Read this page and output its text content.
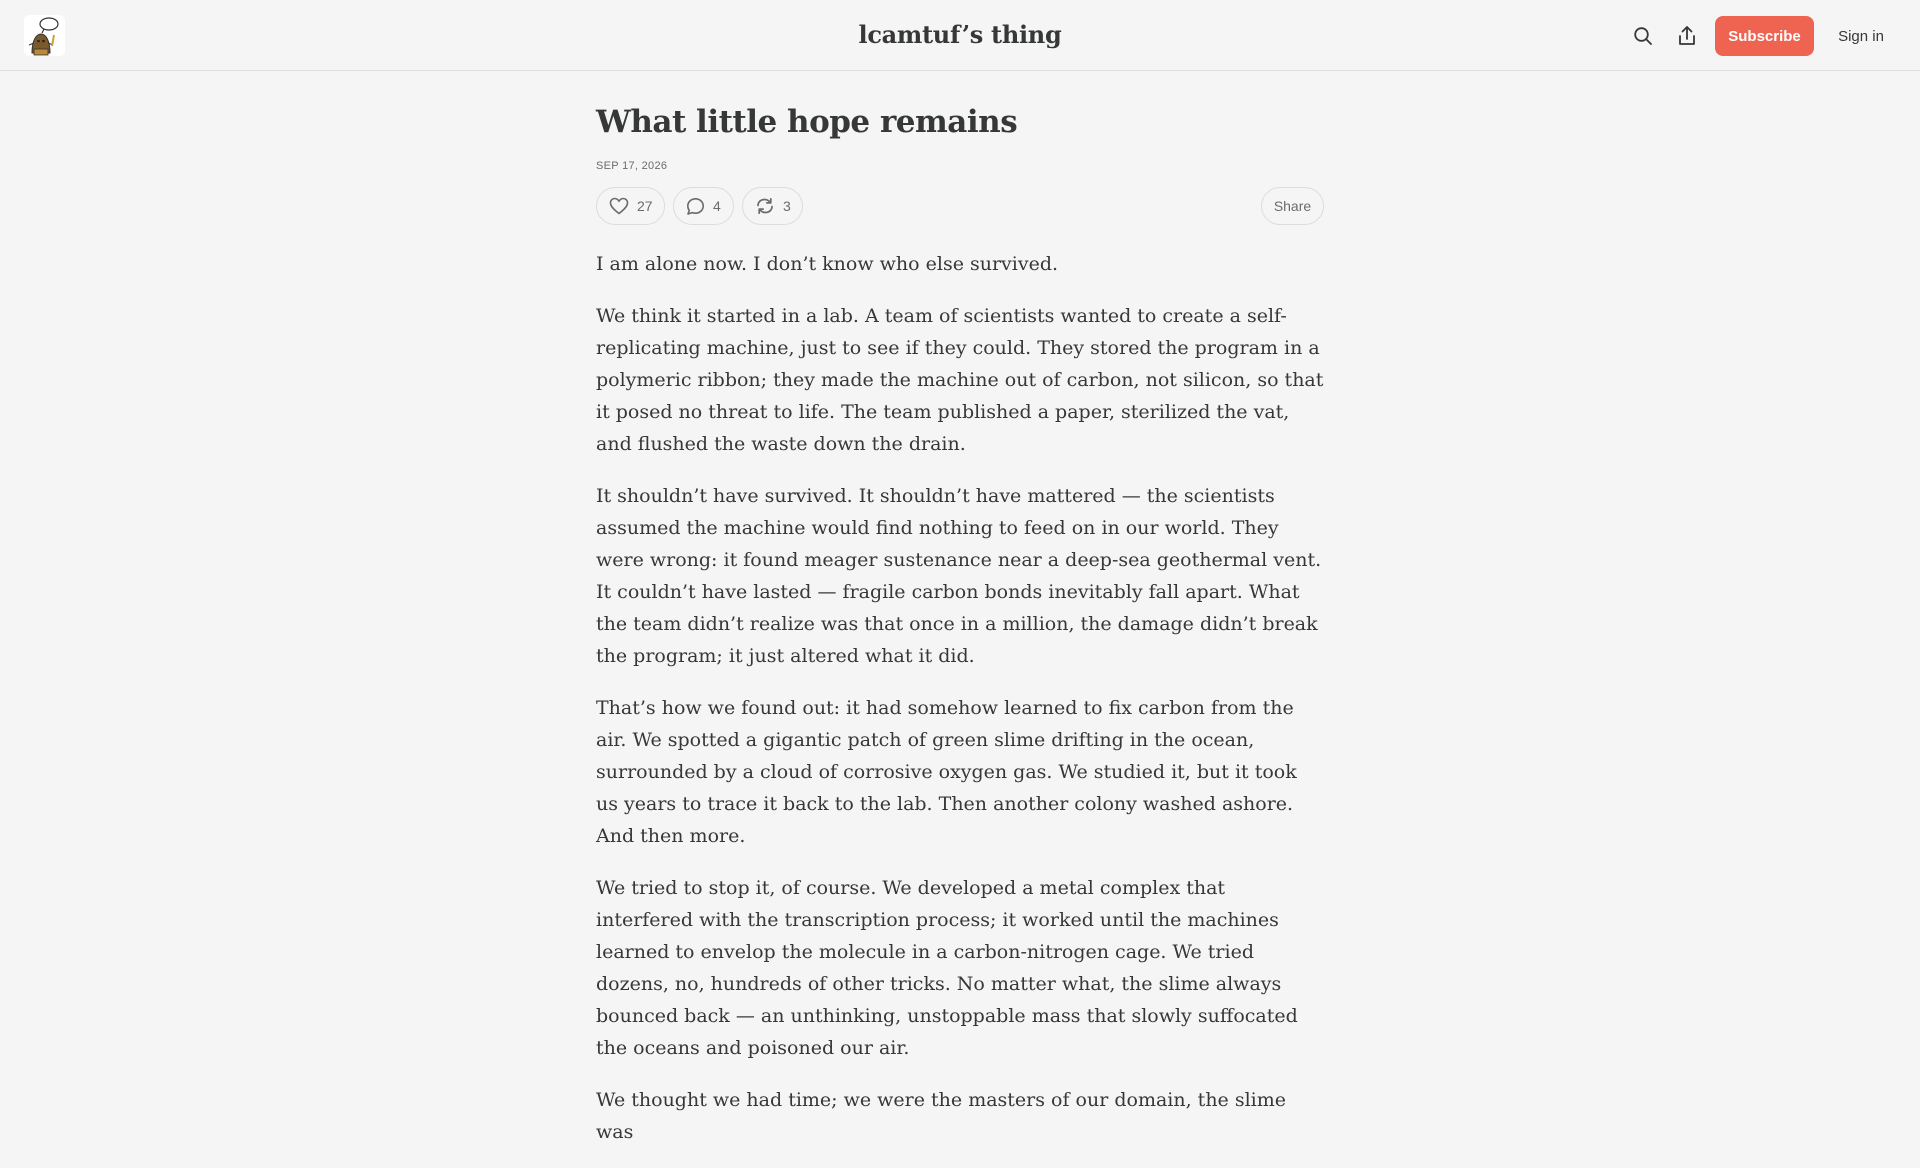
lcamtuf’s thing	Subscribe	Sign in
What little hope remains
SEP 17, 2026
27	4	3	Share

I am alone now. I don’t know who else survived.

We think it started in a lab. A team of scientists wanted to create a self-replicating machine, just to see if they could. They stored the program in a polymeric ribbon; they made the machine out of carbon, not silicon, so that it posed no threat to life. The team published a paper, sterilized the vat, and flushed the waste down the drain.

It shouldn’t have survived. It shouldn’t have mattered — the scientists assumed the machine would find nothing to feed on in our world. They were wrong: it found meager sustenance near a deep-sea geothermal vent. It couldn’t have lasted — fragile carbon bonds inevitably fall apart. What the team didn’t realize was that once in a million, the damage didn’t break the program; it just altered what it did.

That’s how we found out: it had somehow learned to fix carbon from the air. We spotted a gigantic patch of green slime drifting in the ocean, surrounded by a cloud of corrosive oxygen gas. We studied it, but it took us years to trace it back to the lab. Then another colony washed ashore. And then more.

We tried to stop it, of course. We developed a metal complex that interfered with the transcription process; it worked until the machines learned to envelop the molecule in a carbon-nitrogen cage. We tried dozens, no, hundreds of other tricks. No matter what, the slime always bounced back — an unthinking, unstoppable mass that slowly suffocated the oceans and poisoned our air.

We thought we had time; we were the masters of our domain, the slime was
